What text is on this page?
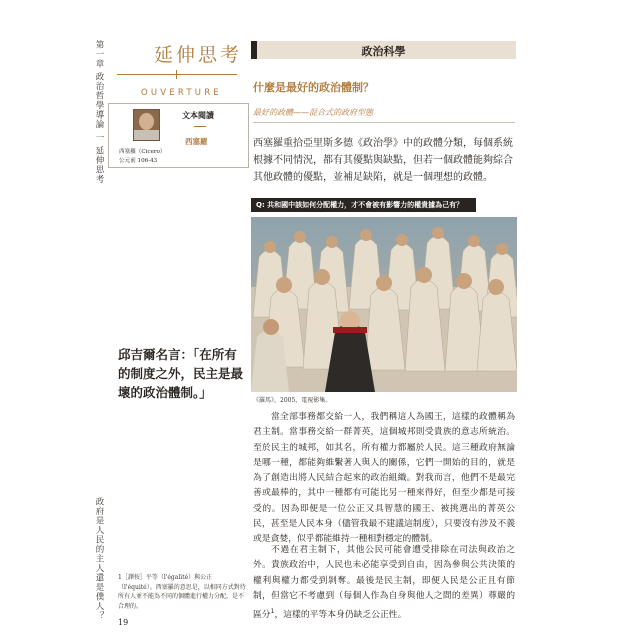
第一章 政治哲學導論 一 延伸思考
政府是人民的主人還是僕人？
延伸思考
OUVERTURE
文本閱讀
西塞羅
西塞羅（Cicero）
公元前 106-43
邱吉爾名言：「在所有的制度之外，民主是最壞的政治體制。」
1［譯按］平等（l'égalité）與公正（l'équité）。西塞羅的意思是，以相同方式對待所有人並不能為不同的個體進行權力分配，是不合理的。
19
政治科學
什麼是最好的政治體制？
最好的政體——混合式的政府型態
西塞羅重拾亞里斯多德《政治學》中的政體分類，每個系統根據不同情況，都有其優點與缺點，但若一個政體能夠綜合其他政體的優點，並補足缺陷，就是一個理想的政體。
Q: 共和國中該如何分配權力，才不會被有影響力的權貴據為己有？
《羅馬》，2005，電視影集。
當全部事務都交給一人，我們稱這人為國王，這樣的政體稱為君主制。當事務交給一群菁英，這個城邦則受貴族的意志所統治。至於民主的城邦，如其名，所有權力都屬於人民。這三種政府無論是哪一種，都能夠維繫著人與人的關係，它們一開始的目的，就是為了創造出將人民結合起來的政治組織。對我而言，他們不是最完善或最棒的，其中一種都有可能比另一種來得好，但至少都是可接受的。因為即便是一位公正又具智慧的國王、被挑選出的菁英公民，甚至是人民本身（儘管我最不建議這制度），只要沒有涉及不義或是貪婪，似乎都能維持一種相對穩定的體制。
不過在君主制下，其他公民可能會遭受排除在司法與政治之外。貴族政治中，人民也未必能享受到自由，因為參與公共決策的權利與權力都受到剝奪。最後是民主制，即便人民是公正且有節制，但當它不考慮到（每個人作為自身與他人之間的差異）尊嚴的區分$^1$，這樣的平等本身仍缺乏公正性。
